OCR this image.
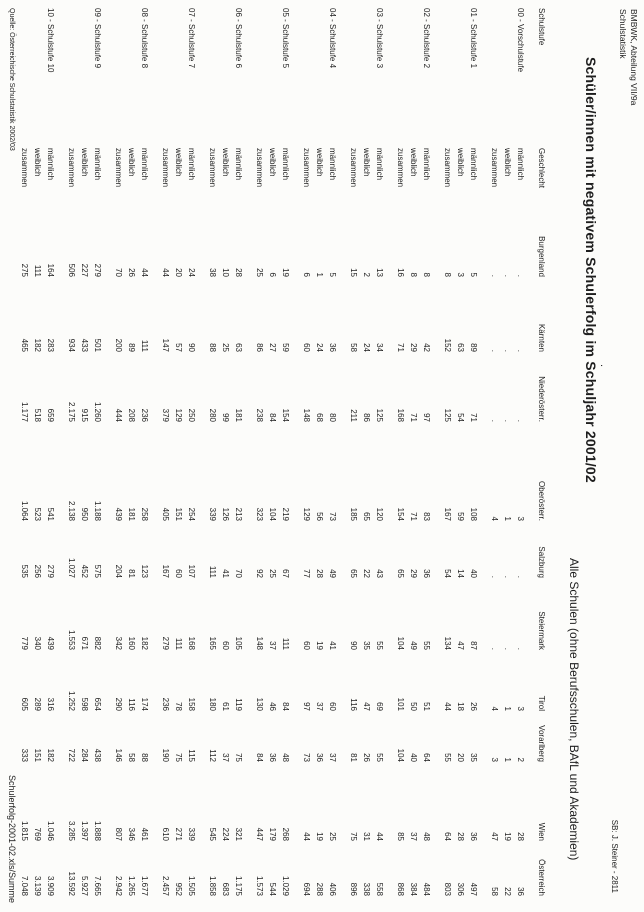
BMBWK, Abteilung VII/9a
Schulstatistik
SB: J. Steiner - 2811
Schüler/innen mit negativem Schulerfolg im Schuljahr 2001/02
Alle Schulen (ohne Berufsschulen, BAfL und Akademien)
.
Schulstufe	Geschlecht	Burgenland	Kärnten	Niederösterr.	Oberösterr.	Salzburg	Steiermark	Tirol	Vorarlberg	Wien	Österreich

00 - Vorschulstufe	männlich	.	.	.	3	.	.	3	2	28	36
	weiblich	.	.	.	1	.	.	1	1	19	22
	zusammen	.	.	.	4	.	.	4	3	47	58

01 - Schulstufe 1	männlich	5	89	71	108	40	87	26	35	36	497
	weiblich	3	63	54	59	14	47	18	20	28	306
	zusammen	8	152	125	167	54	134	44	55	64	803

02 - Schulstufe 2	männlich	8	42	97	83	36	55	51	64	48	484
	weiblich	8	29	71	71	29	49	50	40	37	384
	zusammen	16	71	168	154	65	104	101	104	85	868

03 - Schulstufe 3	männlich	13	34	125	120	43	55	69	55	44	558
	weiblich	2	24	86	65	22	35	47	26	31	338
	zusammen	15	58	211	185	65	90	116	81	75	896

04 - Schulstufe 4	männlich	5	36	80	73	49	41	60	37	25	406
	weiblich	1	24	68	56	28	19	37	36	19	288
	zusammen	6	60	148	129	77	60	97	73	44	694

05 - Schulstufe 5	männlich	19	59	154	219	67	111	84	48	268	1.029
	weiblich	6	27	84	104	25	37	46	36	179	544
	zusammen	25	86	238	323	92	148	130	84	447	1.573

06 - Schulstufe 6	männlich	28	63	181	213	70	105	119	75	321	1.175
	weiblich	10	25	99	126	41	60	61	37	224	683
	zusammen	38	88	280	339	111	165	180	112	545	1.858

07 - Schulstufe 7	männlich	24	90	250	254	107	168	158	115	339	1.505
	weiblich	20	57	129	151	60	111	78	75	271	952
	zusammen	44	147	379	405	167	279	236	190	610	2.457

08 - Schulstufe 8	männlich	44	111	236	258	123	182	174	88	461	1.677
	weiblich	26	89	208	181	81	160	116	58	346	1.265
	zusammen	70	200	444	439	204	342	290	146	807	2.942

09 - Schulstufe 9	männlich	279	501	1.260	1.188	575	882	654	438	1.888	7.665
	weiblich	227	433	915	950	452	671	598	284	1.397	5.927
	zusammen	506	934	2.175	2.138	1.027	1.553	1.252	722	3.285	13.592

10 - Schulstufe 10	männlich	164	283	659	541	279	439	316	182	1.046	3.909
	weiblich	111	182	518	523	256	340	289	151	769	3.139
	zusammen	275	465	1.177	1.064	535	779	605	333	1.815	7.048
Quelle: Österreichische Schulstatistik 2002/03
Schulerfolg-2001-02.xls/Summe
